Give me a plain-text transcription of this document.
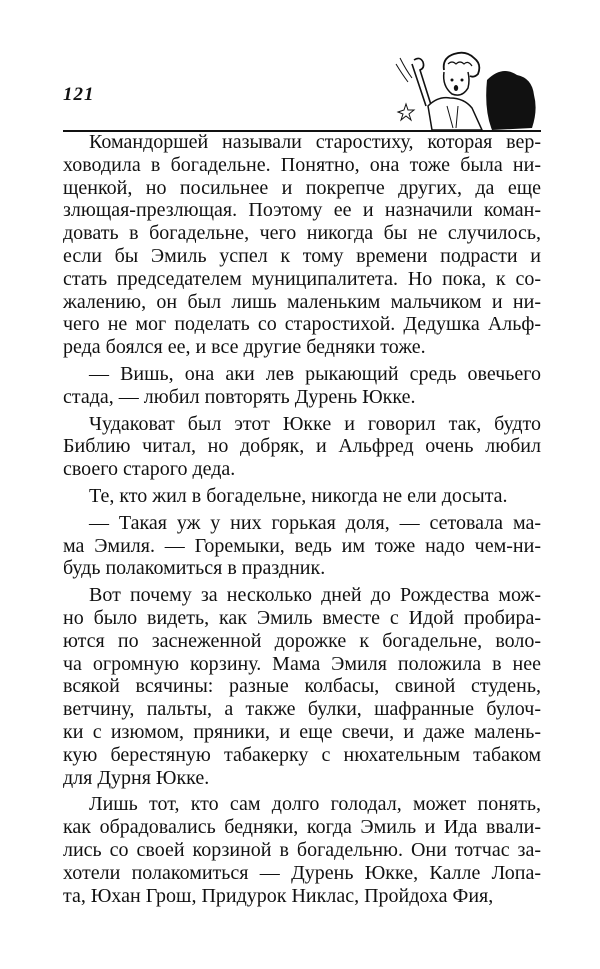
121
Командоршей называли старостиху, которая вер-
ховодила в богадельне. Понятно, она тоже была ни-
щенкой, но посильнее и покрепче других, да еще
злющая-презлющая. Поэтому ее и назначили коман-
довать в богадельне, чего никогда бы не случилось,
если бы Эмиль успел к тому времени подрасти и
стать председателем муниципалитета. Но пока, к со-
жалению, он был лишь маленьким мальчиком и ни-
чего не мог поделать со старостихой. Дедушка Альф-
реда боялся ее, и все другие бедняки тоже.
— Вишь, она аки лев рыкающий средь овечьего
стада, — любил повторять Дурень Юкке.
Чудаковат был этот Юкке и говорил так, будто
Библию читал, но добряк, и Альфред очень любил
своего старого деда.
Те, кто жил в богадельне, никогда не ели досыта.
— Такая уж у них горькая доля, — сетовала ма-
ма Эмиля. — Горемыки, ведь им тоже надо чем-ни-
будь полакомиться в праздник.
Вот почему за несколько дней до Рождества мож-
но было видеть, как Эмиль вместе с Идой пробира-
ются по заснеженной дорожке к богадельне, воло-
ча огромную корзину. Мама Эмиля положила в нее
всякой всячины: разные колбасы, свиной студень,
ветчину, пальты, а также булки, шафранные булоч-
ки с изюмом, пряники, и еще свечи, и даже малень-
кую берестяную табакерку с нюхательным табаком
для Дурня Юкке.
Лишь тот, кто сам долго голодал, может понять,
как обрадовались бедняки, когда Эмиль и Ида ввали-
лись со своей корзиной в богадельню. Они тотчас за-
хотели полакомиться — Дурень Юкке, Калле Лопа-
та, Юхан Грош, Придурок Никлас, Пройдоха Фия,
